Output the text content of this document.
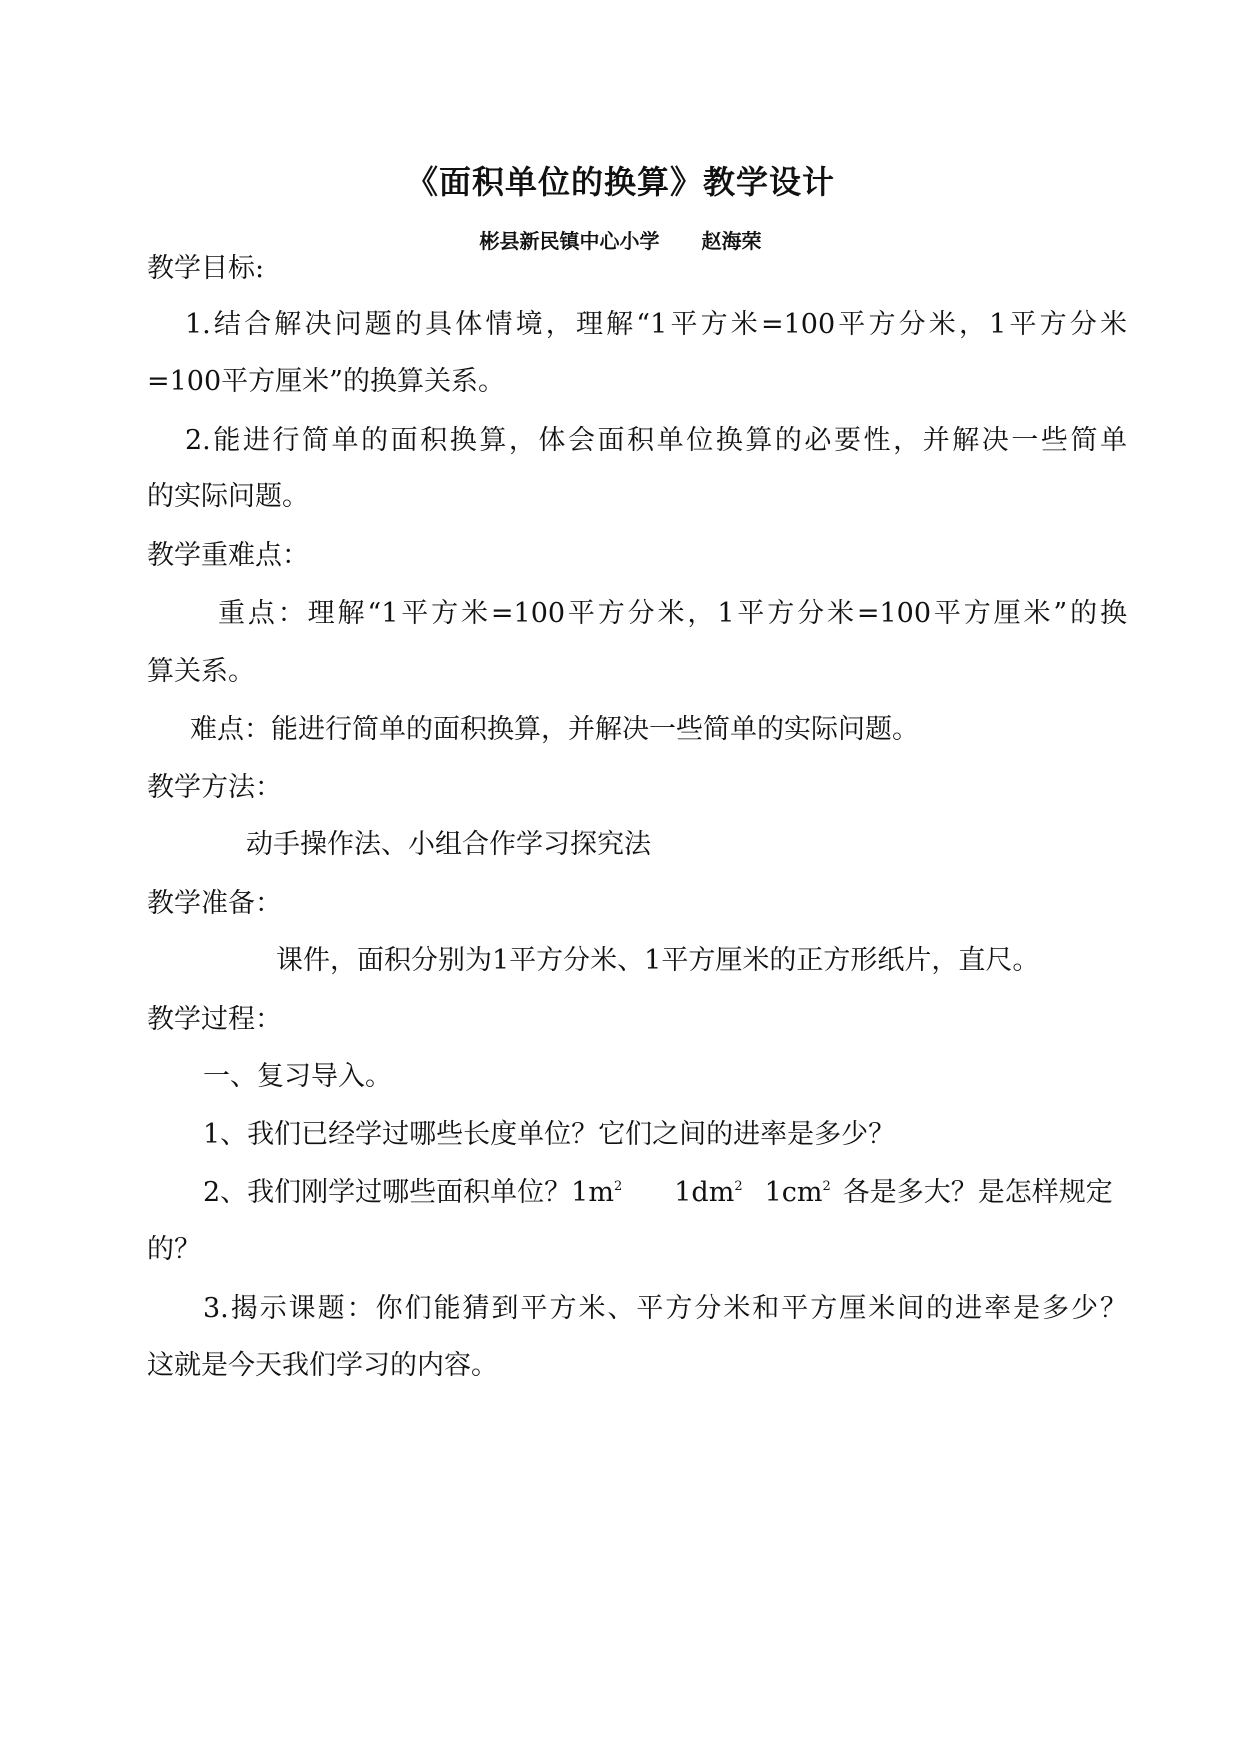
《面积单位的换算》教学设计
彬县新民镇中心小学 赵海荣
教学目标:
1.结合解决问题的具体情境，理解“1平方米=100平方分米，1平方分米
=100平方厘米”的换算关系。
2.能进行简单的面积换算，体会面积单位换算的必要性，并解决一些简单
的实际问题。
教学重难点：
重点：理解“1平方米=100平方分米，1平方分米=100平方厘米”的换
算关系。
难点：能进行简单的面积换算，并解决一些简单的实际问题。
教学方法：
动手操作法、小组合作学习探究法
教学准备：
课件，面积分别为1平方分米、1平方厘米的正方形纸片，直尺。
教学过程：
一、复习导入。
1、我们已经学过哪些长度单位？它们之间的进率是多少？
2、我们刚学过哪些面积单位？$1m^2$ $1dm^2$ $1cm^2$ 各是多大？是怎样规定
的？
3.揭示课题：你们能猜到平方米、平方分米和平方厘米间的进率是多少？
这就是今天我们学习的内容。
